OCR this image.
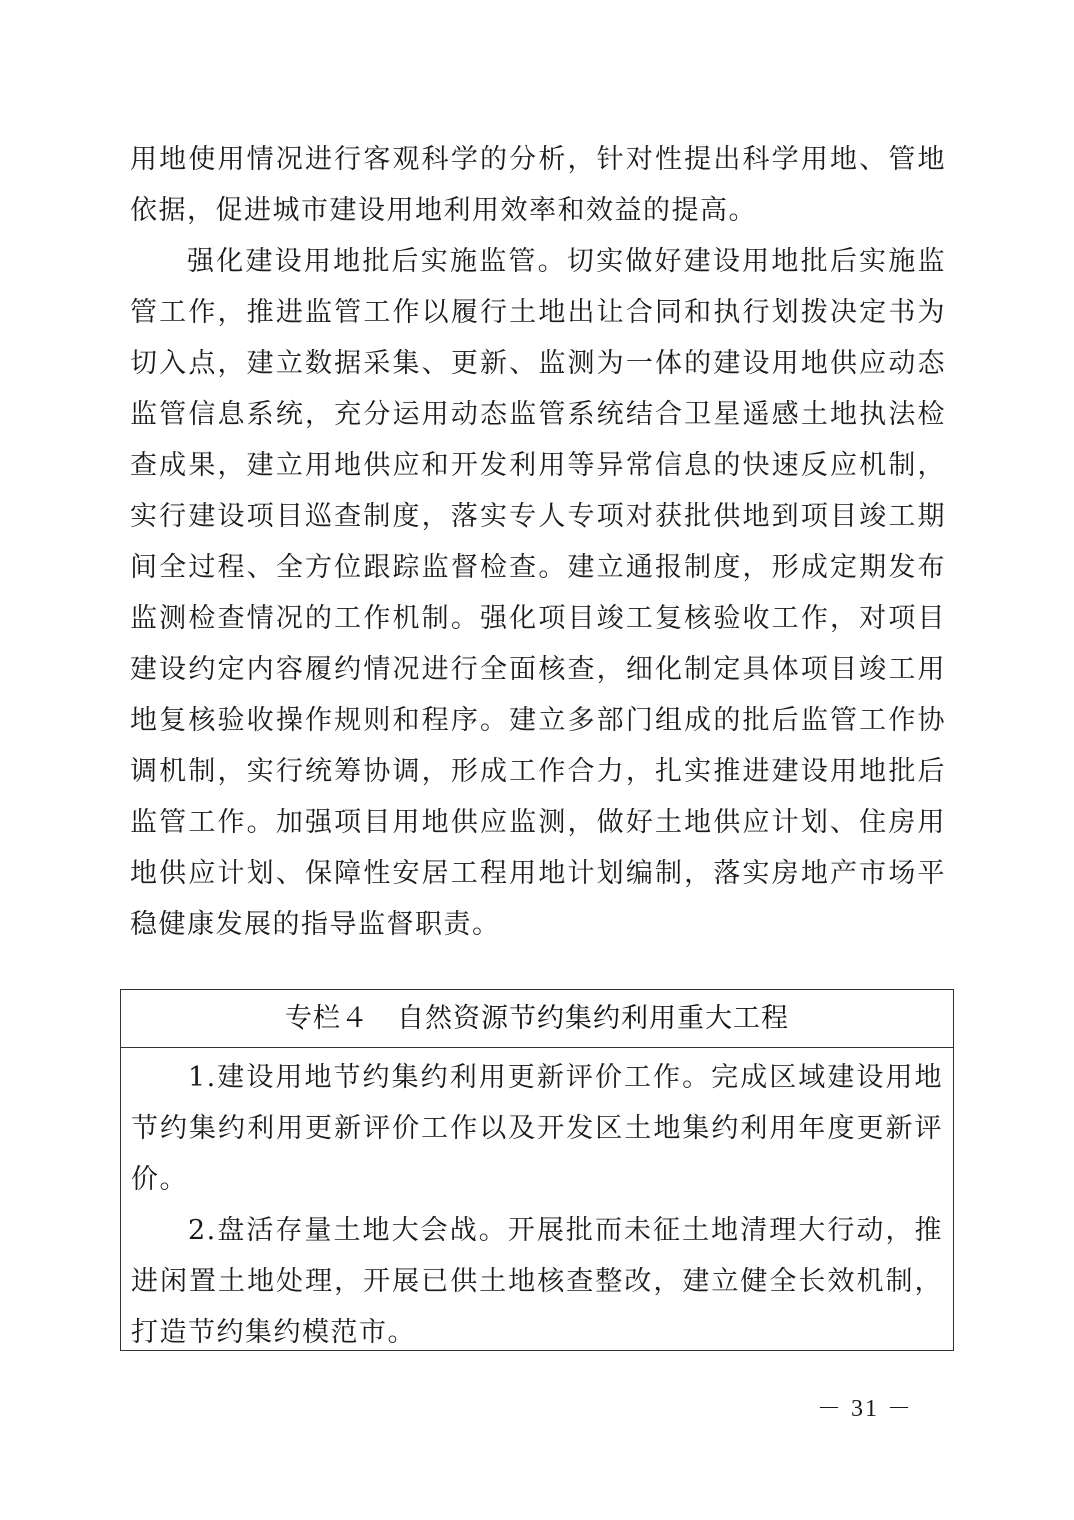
用地使用情况进行客观科学的分析，针对性提出科学用地、管地依据，促进城市建设用地利用效率和效益的提高。

强化建设用地批后实施监管。切实做好建设用地批后实施监管工作，推进监管工作以履行土地出让合同和执行划拨决定书为切入点，建立数据采集、更新、监测为一体的建设用地供应动态监管信息系统，充分运用动态监管系统结合卫星遥感土地执法检查成果，建立用地供应和开发利用等异常信息的快速反应机制，实行建设项目巡查制度，落实专人专项对获批供地到项目竣工期间全过程、全方位跟踪监督检查。建立通报制度，形成定期发布监测检查情况的工作机制。强化项目竣工复核验收工作，对项目建设约定内容履约情况进行全面核查，细化制定具体项目竣工用地复核验收操作规则和程序。建立多部门组成的批后监管工作协调机制，实行统筹协调，形成工作合力，扎实推进建设用地批后监管工作。加强项目用地供应监测，做好土地供应计划、住房用地供应计划、保障性安居工程用地计划编制，落实房地产市场平稳健康发展的指导监督职责。

专栏４　自然资源节约集约利用重大工程

1.建设用地节约集约利用更新评价工作。完成区域建设用地节约集约利用更新评价工作以及开发区土地集约利用年度更新评价。

2.盘活存量土地大会战。开展批而未征土地清理大行动，推进闲置土地处理，开展已供土地核查整改，建立健全长效机制，打造节约集约模范市。

－ 31 －
